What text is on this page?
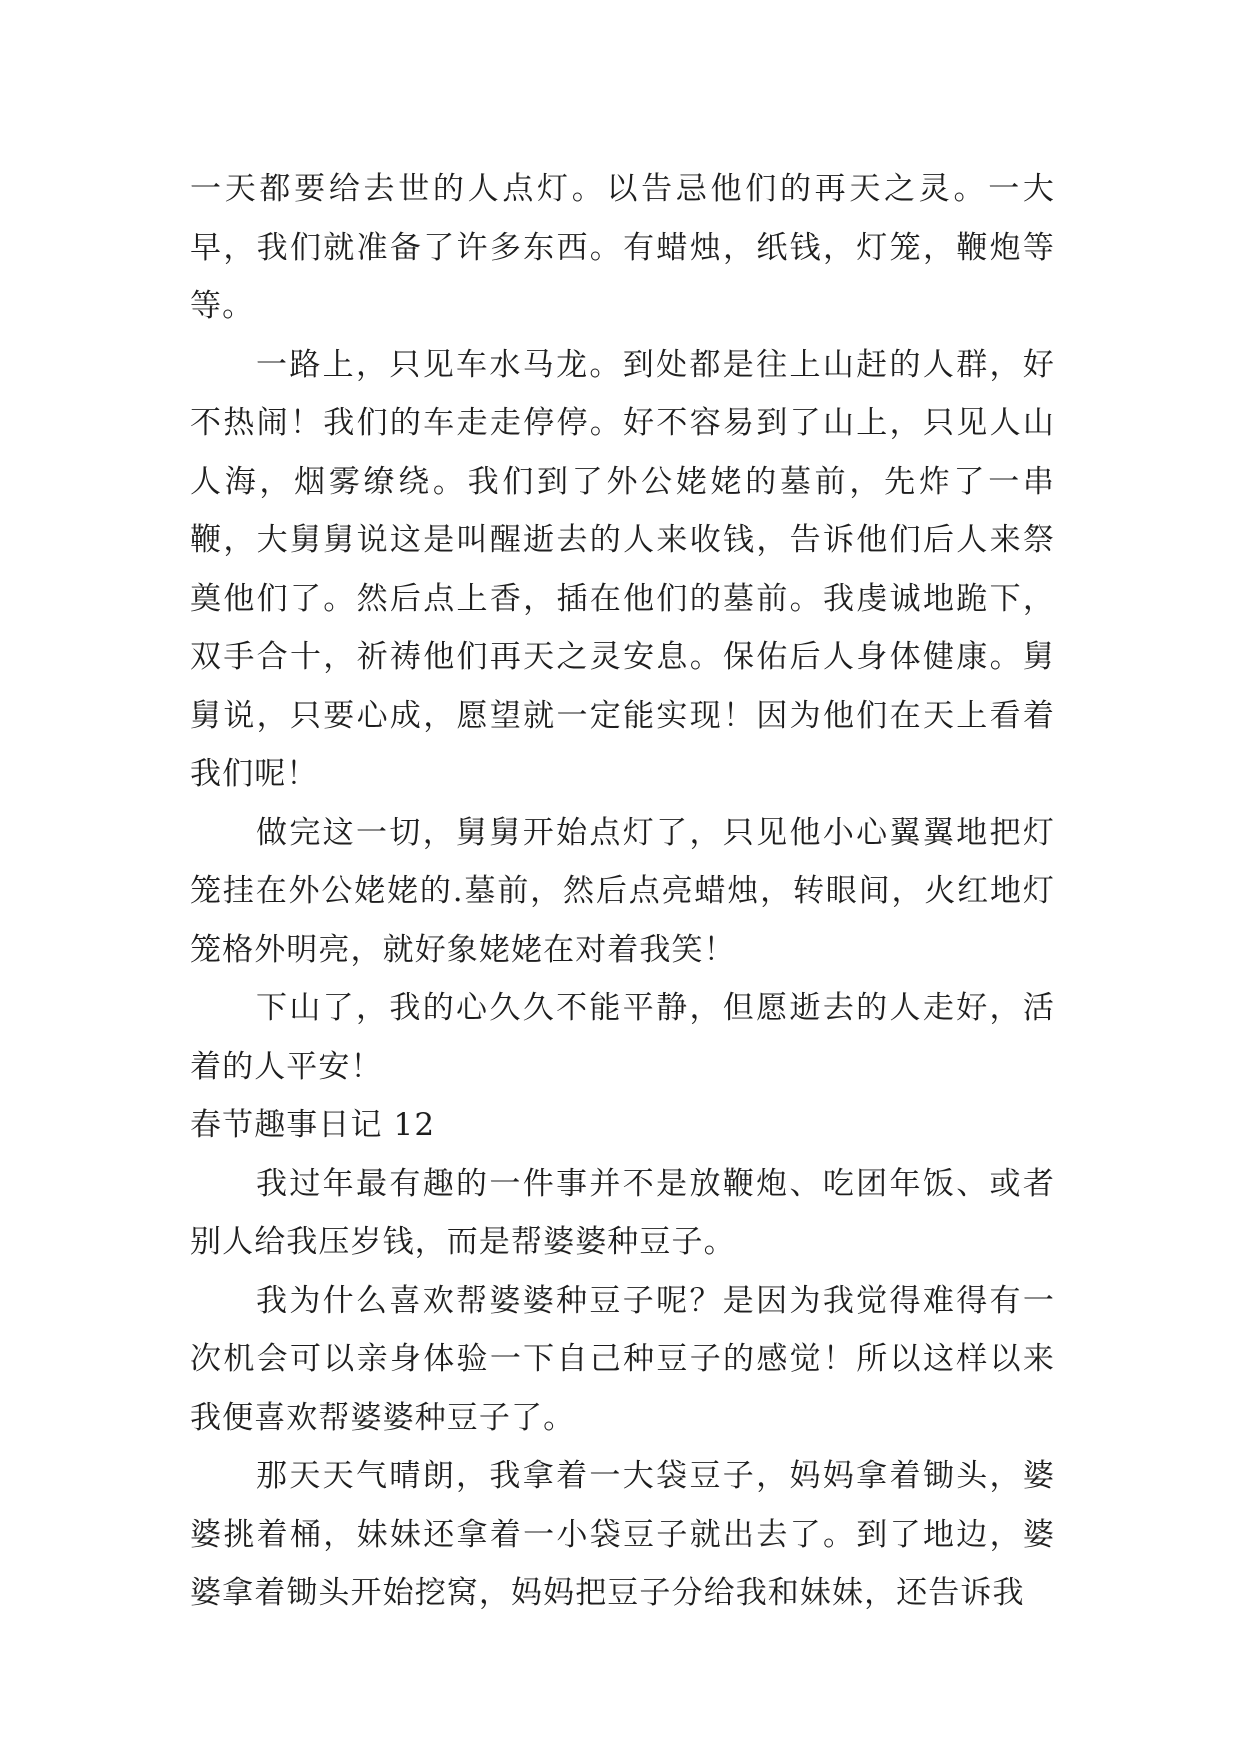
一天都要给去世的人点灯。以告忌他们的再天之灵。一大早，我们就准备了许多东西。有蜡烛，纸钱，灯笼，鞭炮等等。

一路上，只见车水马龙。到处都是往上山赶的人群，好不热闹！我们的车走走停停。好不容易到了山上，只见人山人海，烟雾缭绕。我们到了外公姥姥的墓前，先炸了一串鞭，大舅舅说这是叫醒逝去的人来收钱，告诉他们后人来祭奠他们了。然后点上香，插在他们的墓前。我虔诚地跪下，双手合十，祈祷他们再天之灵安息。保佑后人身体健康。舅舅说，只要心成，愿望就一定能实现！因为他们在天上看着我们呢！

做完这一切，舅舅开始点灯了，只见他小心翼翼地把灯笼挂在外公姥姥的.墓前，然后点亮蜡烛，转眼间，火红地灯笼格外明亮，就好象姥姥在对着我笑！

下山了，我的心久久不能平静，但愿逝去的人走好，活着的人平安！

春节趣事日记 12

我过年最有趣的一件事并不是放鞭炮、吃团年饭、或者别人给我压岁钱，而是帮婆婆种豆子。

我为什么喜欢帮婆婆种豆子呢？是因为我觉得难得有一次机会可以亲身体验一下自己种豆子的感觉！所以这样以来我便喜欢帮婆婆种豆子了。

那天天气晴朗，我拿着一大袋豆子，妈妈拿着锄头，婆婆挑着桶，妹妹还拿着一小袋豆子就出去了。到了地边，婆婆拿着锄头开始挖窝，妈妈把豆子分给我和妹妹，还告诉我
